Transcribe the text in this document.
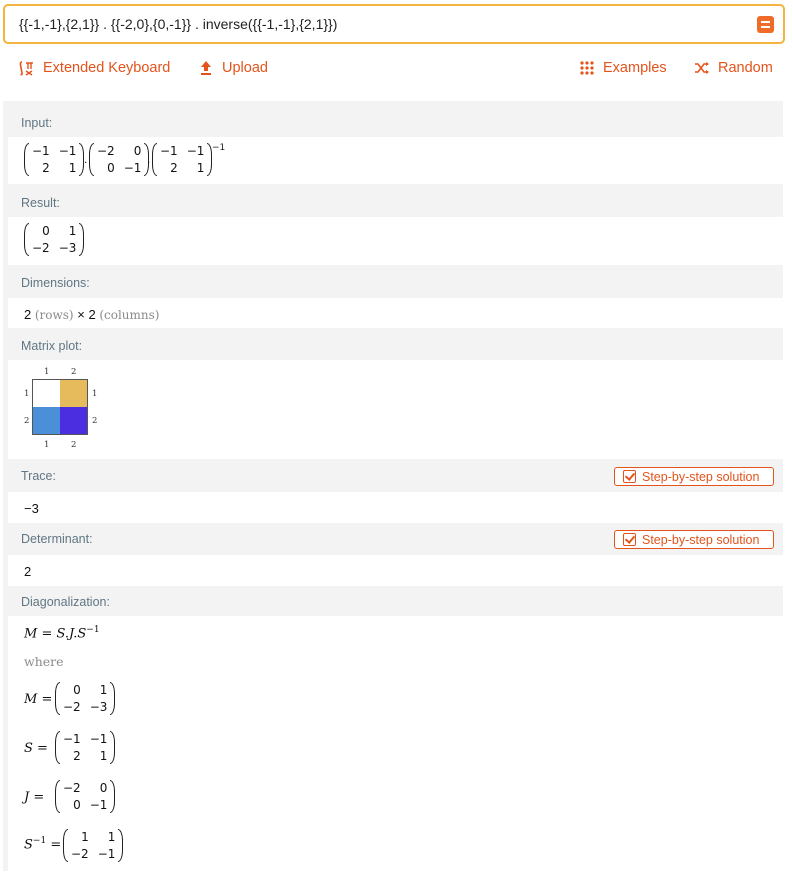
{{-1,-1},{2,1}} . {{-2,0},{0,-1}} . inverse({{-1,-1},{2,1}})
Extended Keyboard	Upload	Examples	Random
Input:
−1 −1
2	1
.
−2	0
0 −1
.
−1 −1
2	1
−1
Result:
0	1
−2 −3
Dimensions:
2 (rows) × 2 (columns)
Matrix plot:
1	2
1	2
1
2
1
2
Trace:	Step-by-step solution
−3
Determinant:	Step-by-step solution
2
Diagonalization:
$M = S.J.S^{-1}$
where
M =
0	1
−2 −3
S =
−1 −1
2	1
J =
−2	0
0 −1
$S^{-1}$ =
1	1
−2 −1
